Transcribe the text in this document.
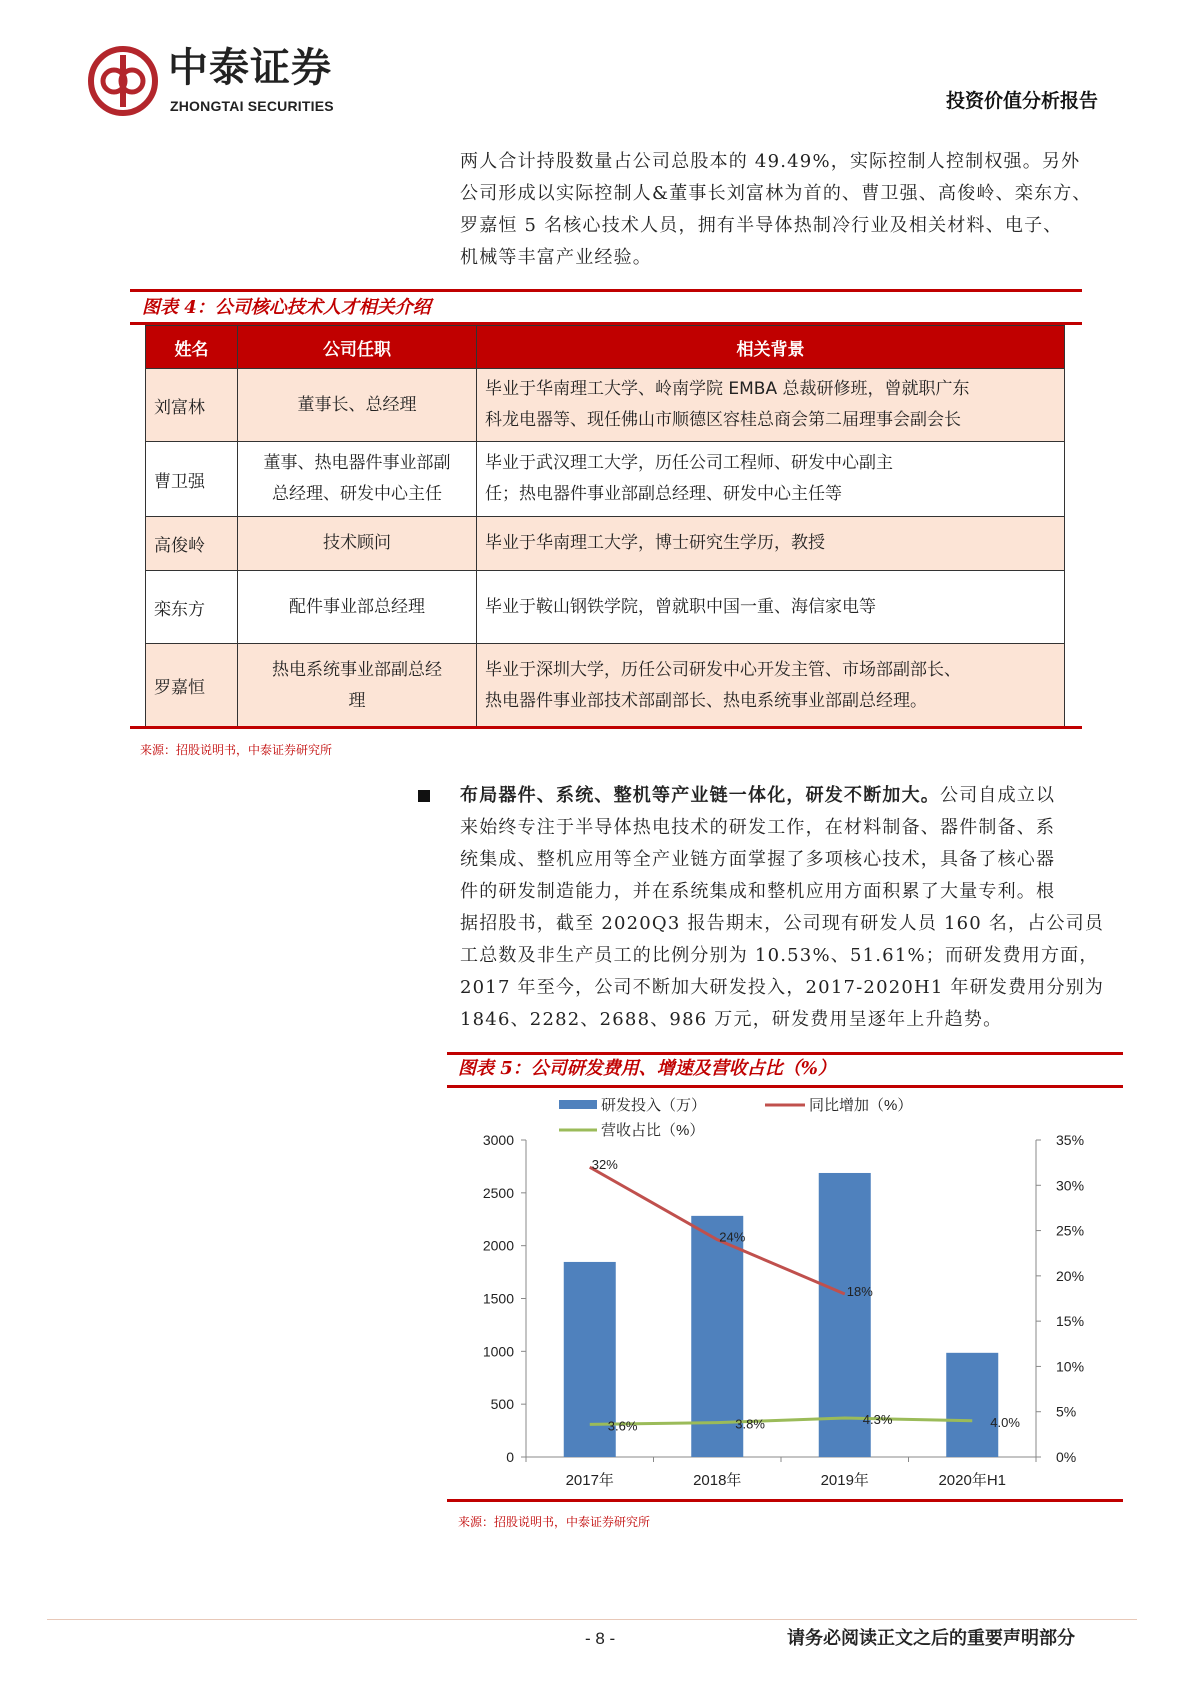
中泰证券
ZHONGTAI SECURITIES	投资价值分析报告
两人合计持股数量占公司总股本的 49.49%，实际控制人控制权强。另外
公司形成以实际控制人&董事长刘富林为首的、曹卫强、高俊岭、栾东方、
罗嘉恒 5 名核心技术人员，拥有半导体热制冷行业及相关材料、电子、
机械等丰富产业经验。
图表 4：公司核心技术人才相关介绍
姓名	公司任职	相关背景
刘富林	董事长、总经理	毕业于华南理工大学、岭南学院 EMBA 总裁研修班，曾就职广东
科龙电器等、现任佛山市顺德区容桂总商会第二届理事会副会长

曹卫强	董事、热电器件事业部副
总经理、研发中心主任	毕业于武汉理工大学，历任公司工程师、研发中心副主
任；热电器件事业部副总经理、研发中心主任等

高俊岭	技术顾问	毕业于华南理工大学，博士研究生学历，教授

栾东方	配件事业部总经理	毕业于鞍山钢铁学院，曾就职中国一重、海信家电等

罗嘉恒	热电系统事业部副总经
理	毕业于深圳大学，历任公司研发中心开发主管、市场部副部长、
热电器件事业部技术部副部长、热电系统事业部副总经理。
来源：招股说明书，中泰证券研究所
布局器件、系统、整机等产业链一体化，研发不断加大。公司自成立以
来始终专注于半导体热电技术的研发工作，在材料制备、器件制备、系
统集成、整机应用等全产业链方面掌握了多项核心技术，具备了核心器
件的研发制造能力，并在系统集成和整机应用方面积累了大量专利。根
据招股书，截至 2020Q3 报告期末，公司现有研发人员 160 名，占公司员
工总数及非生产员工的比例分别为 10.53%、51.61%；而研发费用方面，
2017 年至今，公司不断加大研发投入，2017-2020H1 年研发费用分别为
1846、2282、2688、986 万元，研发费用呈逐年上升趋势。
图表 5：公司研发费用、增速及营收占比（%）
0
500
1000
1500
2000
2500
3000
0%
5%
10%
15%
20%
25%
30%
35%
2017年	2018年	2019年	2020年H1
32%
24%
18%
3.6%	3.8%	4.3%	4.0%
研发投入（万）	同比增加（%）
营收占比（%）
来源：招股说明书，中泰证券研究所
- 8 -	请务必阅读正文之后的重要声明部分
